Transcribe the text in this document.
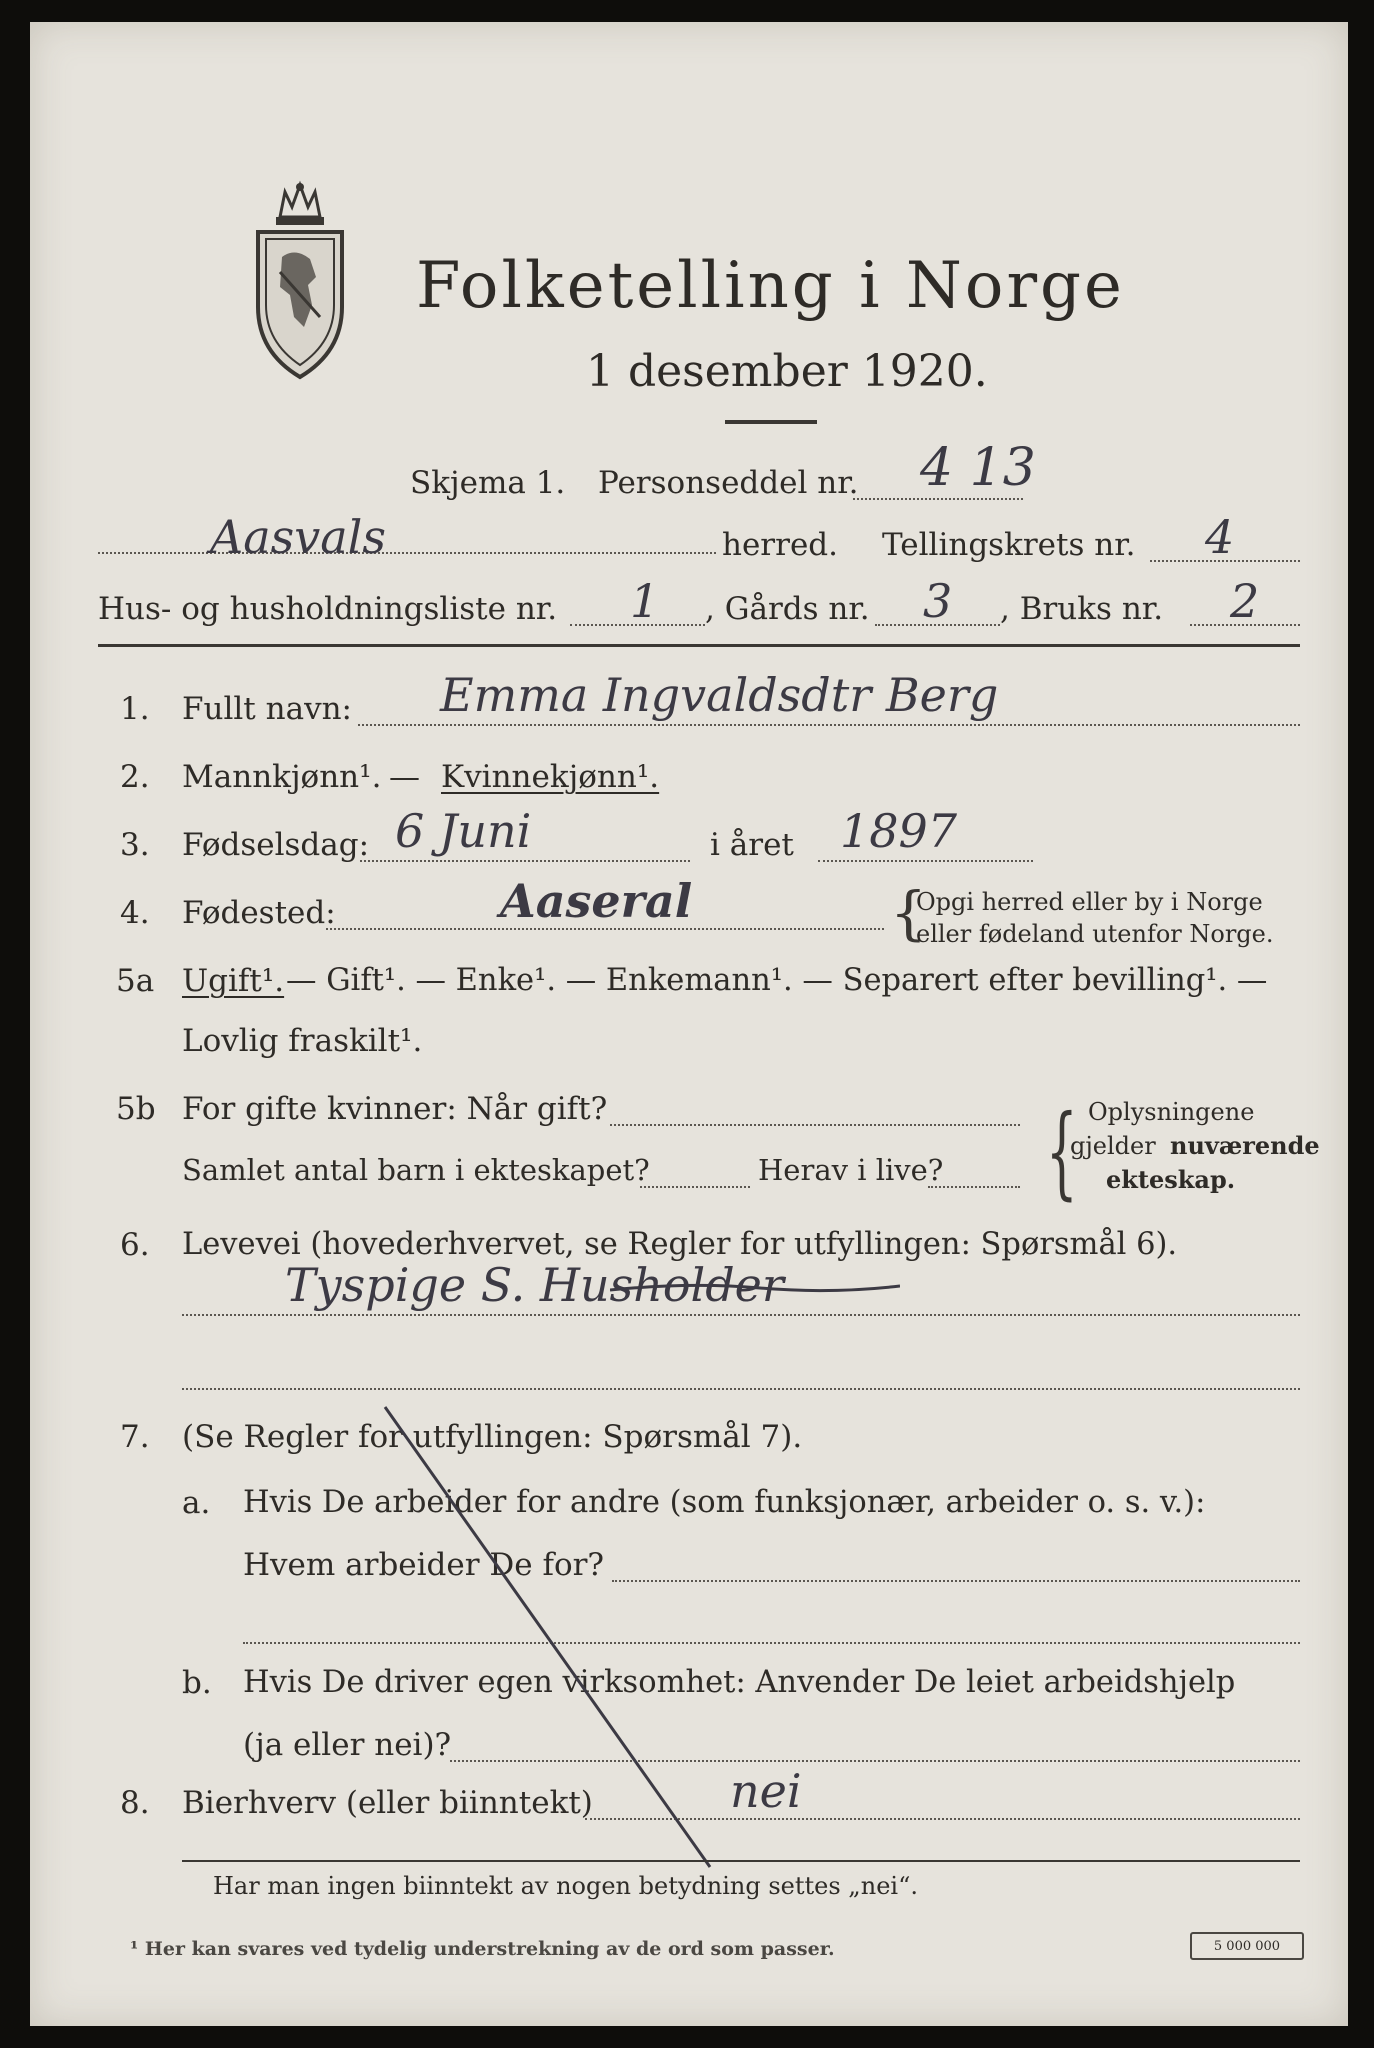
Folketelling i Norge
1 desember 1920.
Skjema 1. Personseddel nr. 4 13
Aasvals	herred. Tellingskrets nr. 4
Hus- og husholdningsliste nr. 1 , Gårds nr. 3 , Bruks nr. 2
1. Fullt navn: Emma Ingvaldsdtr Berg
2. Mannkjønn¹. — Kvinnekjønn¹.
3. Fødselsdag: 6 Juni	i året 1897
4. Fødested:	Aaseral	{
Opgi herred eller by i Norge
eller fødeland utenfor Norge.
5a Ugift¹. — Gift¹. — Enke¹. — Enkemann¹. — Separert efter bevilling¹. —
Lovlig fraskilt¹.
5b For gifte kvinner: Når gift?
Samlet antal barn i ekteskapet?	Herav i live? { Oplysningene
gjelder nuværende
ekteskap.
6. Levevei (hovederhvervet, se Regler for utfyllingen: Spørsmål 6).
Tyspige S. Husholder
7. (Se Regler for utfyllingen: Spørsmål 7).
a. Hvis De arbeider for andre (som funksjonær, arbeider o. s. v.):
Hvem arbeider De for?
b. Hvis De driver egen virksomhet: Anvender De leiet arbeidshjelp
(ja eller nei)?
8. Bierhverv (eller biinntekt)	nei
Har man ingen biinntekt av nogen betydning settes „nei“.
¹ Her kan svares ved tydelig understrekning av de ord som passer.	5 000 000
